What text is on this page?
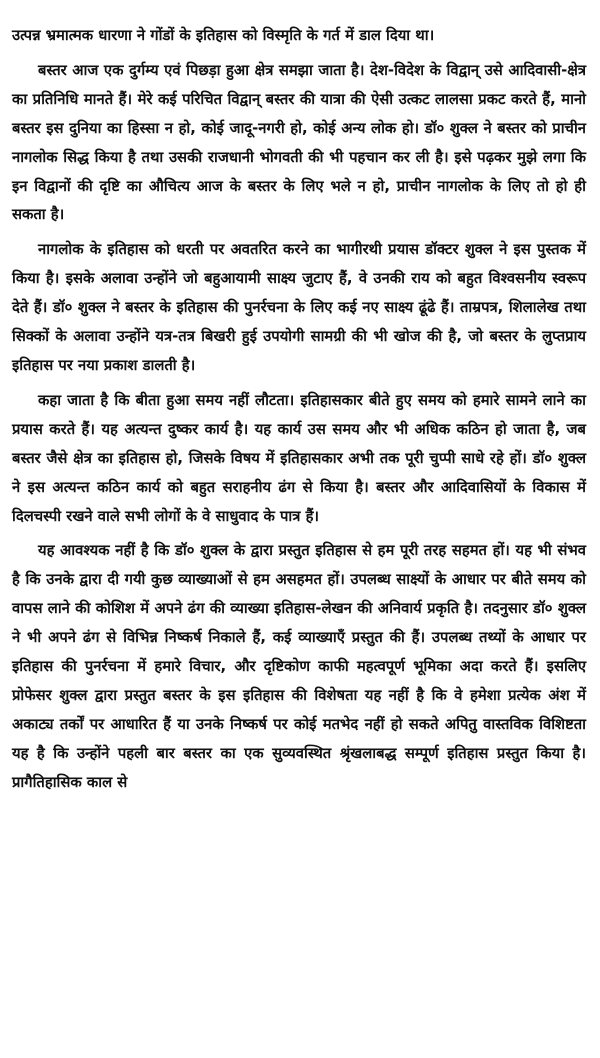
उत्पन्न भ्रमात्मक धारणा ने गोंडों के इतिहास को विस्मृति के गर्त में डाल दिया था।

बस्तर आज एक दुर्गम्य एवं पिछड़ा हुआ क्षेत्र समझा जाता है। देश-विदेश के विद्वान् उसे आदिवासी-क्षेत्र का प्रतिनिधि मानते हैं। मेरे कई परिचित विद्वान् बस्तर की यात्रा की ऐसी उत्कट लालसा प्रकट करते हैं, मानो बस्तर इस दुनिया का हिस्सा न हो, कोई जादू-नगरी हो, कोई अन्य लोक हो। डॉ० शुक्ल ने बस्तर को प्राचीन नागलोक सिद्ध किया है तथा उसकी राजधानी भोगवती की भी पहचान कर ली है। इसे पढ़कर मुझे लगा कि इन विद्वानों की दृष्टि का औचित्य आज के बस्तर के लिए भले न हो, प्राचीन नागलोक के लिए तो हो ही सकता है।

नागलोक के इतिहास को धरती पर अवतरित करने का भागीरथी प्रयास डॉक्टर शुक्ल ने इस पुस्तक में किया है। इसके अलावा उन्होंने जो बहुआयामी साक्ष्य जुटाए हैं, वे उनकी राय को बहुत विश्वसनीय स्वरूप देते हैं। डॉ० शुक्ल ने बस्तर के इतिहास की पुनर्रचना के लिए कई नए साक्ष्य ढूंढे हैं। ताम्रपत्र, शिलालेख तथा सिक्कों के अलावा उन्होंने यत्र-तत्र बिखरी हुई उपयोगी सामग्री की भी खोज की है, जो बस्तर के लुप्तप्राय इतिहास पर नया प्रकाश डालती है।

कहा जाता है कि बीता हुआ समय नहीं लौटता। इतिहासकार बीते हुए समय को हमारे सामने लाने का प्रयास करते हैं। यह अत्यन्त दुष्कर कार्य है। यह कार्य उस समय और भी अधिक कठिन हो जाता है, जब बस्तर जैसे क्षेत्र का इतिहास हो, जिसके विषय में इतिहासकार अभी तक पूरी चुप्पी साधे रहे हों। डॉ० शुक्ल ने इस अत्यन्त कठिन कार्य को बहुत सराहनीय ढंग से किया है। बस्तर और आदिवासियों के विकास में दिलचस्पी रखने वाले सभी लोगों के वे साधुवाद के पात्र हैं।

यह आवश्यक नहीं है कि डॉ० शुक्ल के द्वारा प्रस्तुत इतिहास से हम पूरी तरह सहमत हों। यह भी संभव है कि उनके द्वारा दी गयी कुछ व्याख्याओं से हम असहमत हों। उपलब्ध साक्ष्यों के आधार पर बीते समय को वापस लाने की कोशिश में अपने ढंग की व्याख्या इतिहास-लेखन की अनिवार्य प्रकृति है। तदनुसार डॉ० शुक्ल ने भी अपने ढंग से विभिन्न निष्कर्ष निकाले हैं, कई व्याख्याएँ प्रस्तुत की हैं। उपलब्ध तथ्यों के आधार पर इतिहास की पुनर्रचना में हमारे विचार, और दृष्टिकोण काफी महत्वपूर्ण भूमिका अदा करते हैं। इसलिए प्रोफेसर शुक्ल द्वारा प्रस्तुत बस्तर के इस इतिहास की विशेषता यह नहीं है कि वे हमेशा प्रत्येक अंश में अकाट्य तर्कों पर आधारित हैं या उनके निष्कर्ष पर कोई मतभेद नहीं हो सकते अपितु वास्तविक विशिष्टता यह है कि उन्होंने पहली बार बस्तर का एक सुव्यवस्थित श्रृंखलाबद्ध सम्पूर्ण इतिहास प्रस्तुत किया है। प्रागैतिहासिक काल से
